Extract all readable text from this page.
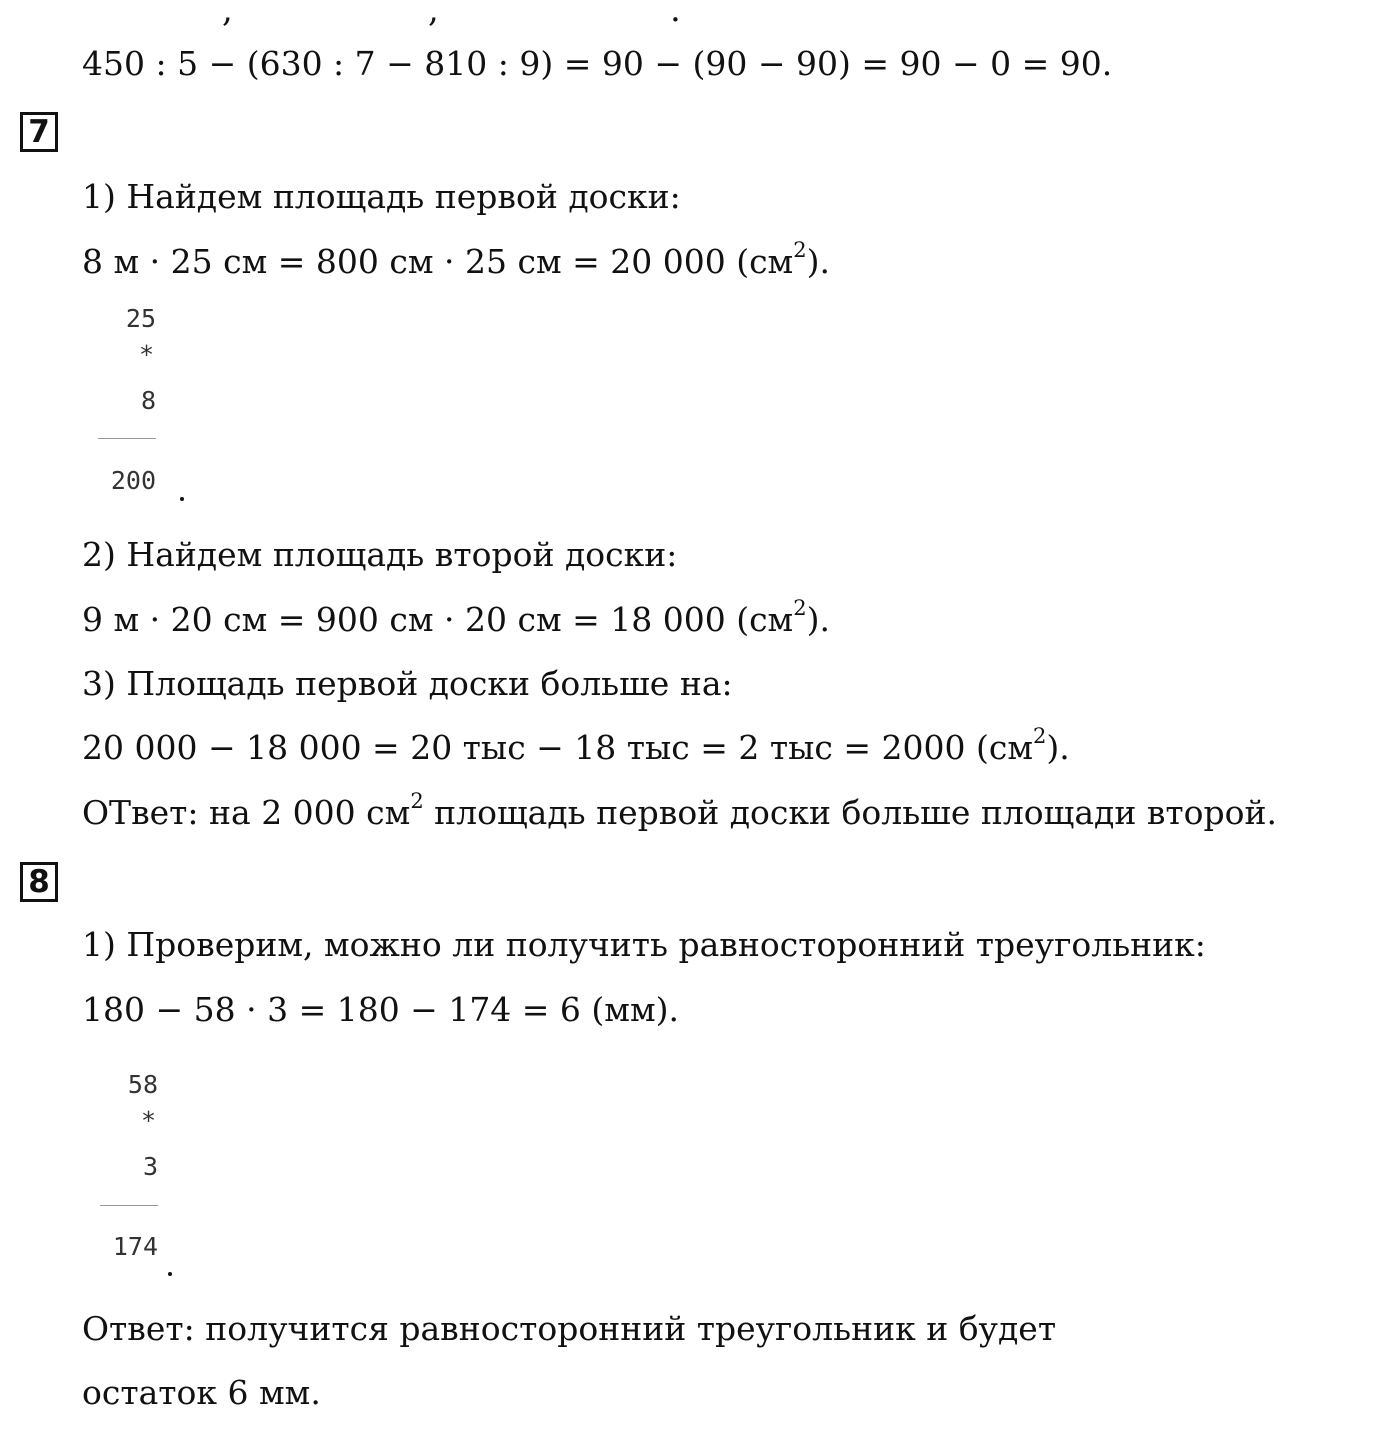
,	,	.
450 : 5 − (630 : 7 − 810 : 9) = 90 − (90 − 90) = 90 − 0 = 90.
7
1) Найдем площадь первой доски:
8 м · 25 см = 800 см · 25 см = 20 000 $(см^2)$.
25
*
8
200
2) Найдем площадь второй доски:
9 м · 20 см = 900 см · 20 см = 18 000 $(см^2)$.
3) Площадь первой доски больше на:
20 000 − 18 000 = 20 тыс − 18 тыс = 2 тыс = 2000 $(см^2)$.
ОТвет: на 2 000 $см^2$ площадь первой доски больше площади второй.
8
1) Проверим, можно ли получить равносторонний треугольник:
180 − 58 · 3 = 180 − 174 = 6 (мм).
58
*
3
174
Ответ: получится равносторонний треугольник и будет
остаток 6 мм.
